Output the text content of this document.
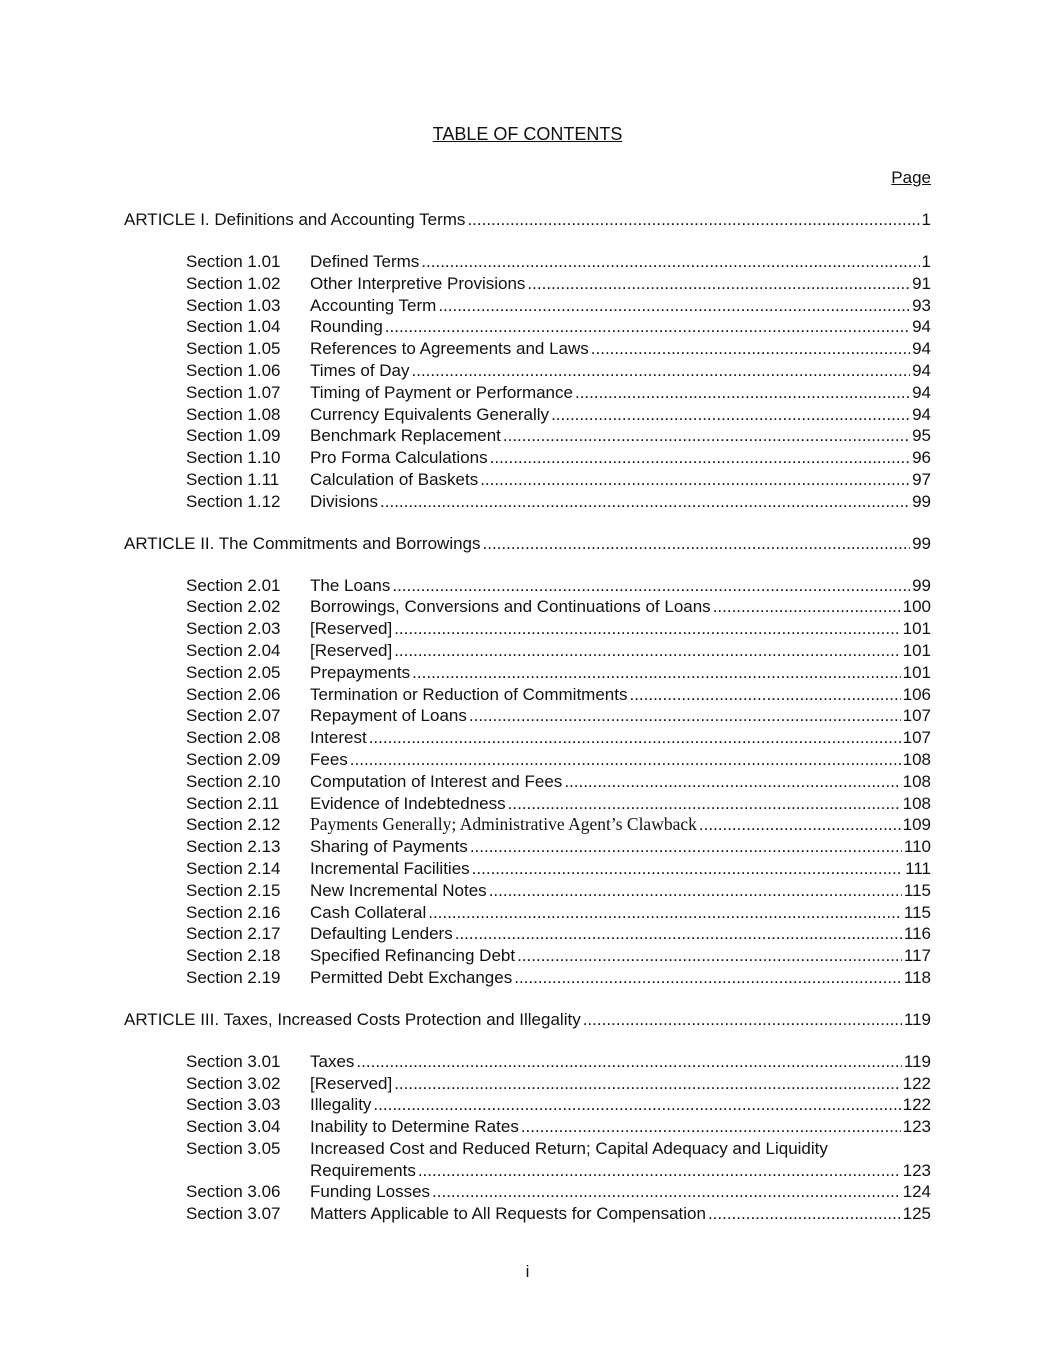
TABLE OF CONTENTS
Page
ARTICLE I. Definitions and Accounting Terms .....	1
Section 1.01	Defined Terms .....	1
Section 1.02	Other Interpretive Provisions .....	91
Section 1.03	Accounting Term .....	93
Section 1.04	Rounding .....	94
Section 1.05	References to Agreements and Laws .....	94
Section 1.06	Times of Day .....	94
Section 1.07	Timing of Payment or Performance .....	94
Section 1.08	Currency Equivalents Generally .....	94
Section 1.09	Benchmark Replacement .....	95
Section 1.10	Pro Forma Calculations .....	96
Section 1.11	Calculation of Baskets .....	97
Section 1.12	Divisions .....	99
ARTICLE II. The Commitments and Borrowings .....	99
Section 2.01	The Loans .....	99
Section 2.02	Borrowings, Conversions and Continuations of Loans .....	100
Section 2.03	[Reserved] .....	101
Section 2.04	[Reserved] .....	101
Section 2.05	Prepayments .....	101
Section 2.06	Termination or Reduction of Commitments .....	106
Section 2.07	Repayment of Loans .....	107
Section 2.08	Interest .....	107
Section 2.09	Fees .....	108
Section 2.10	Computation of Interest and Fees .....	108
Section 2.11	Evidence of Indebtedness .....	108
Section 2.12	Payments Generally; Administrative Agent’s Clawback .....	109
Section 2.13	Sharing of Payments .....	110
Section 2.14	Incremental Facilities .....	111
Section 2.15	New Incremental Notes .....	115
Section 2.16	Cash Collateral .....	115
Section 2.17	Defaulting Lenders .....	116
Section 2.18	Specified Refinancing Debt .....	117
Section 2.19	Permitted Debt Exchanges .....	118
ARTICLE III. Taxes, Increased Costs Protection and Illegality .....	119
Section 3.01	Taxes .....	119
Section 3.02	[Reserved] .....	122
Section 3.03	Illegality .....	122
Section 3.04	Inability to Determine Rates .....	123
Section 3.05	Increased Cost and Reduced Return; Capital Adequacy and Liquidity
Requirements .....	123
Section 3.06	Funding Losses .....	124
Section 3.07	Matters Applicable to All Requests for Compensation .....	125
i
